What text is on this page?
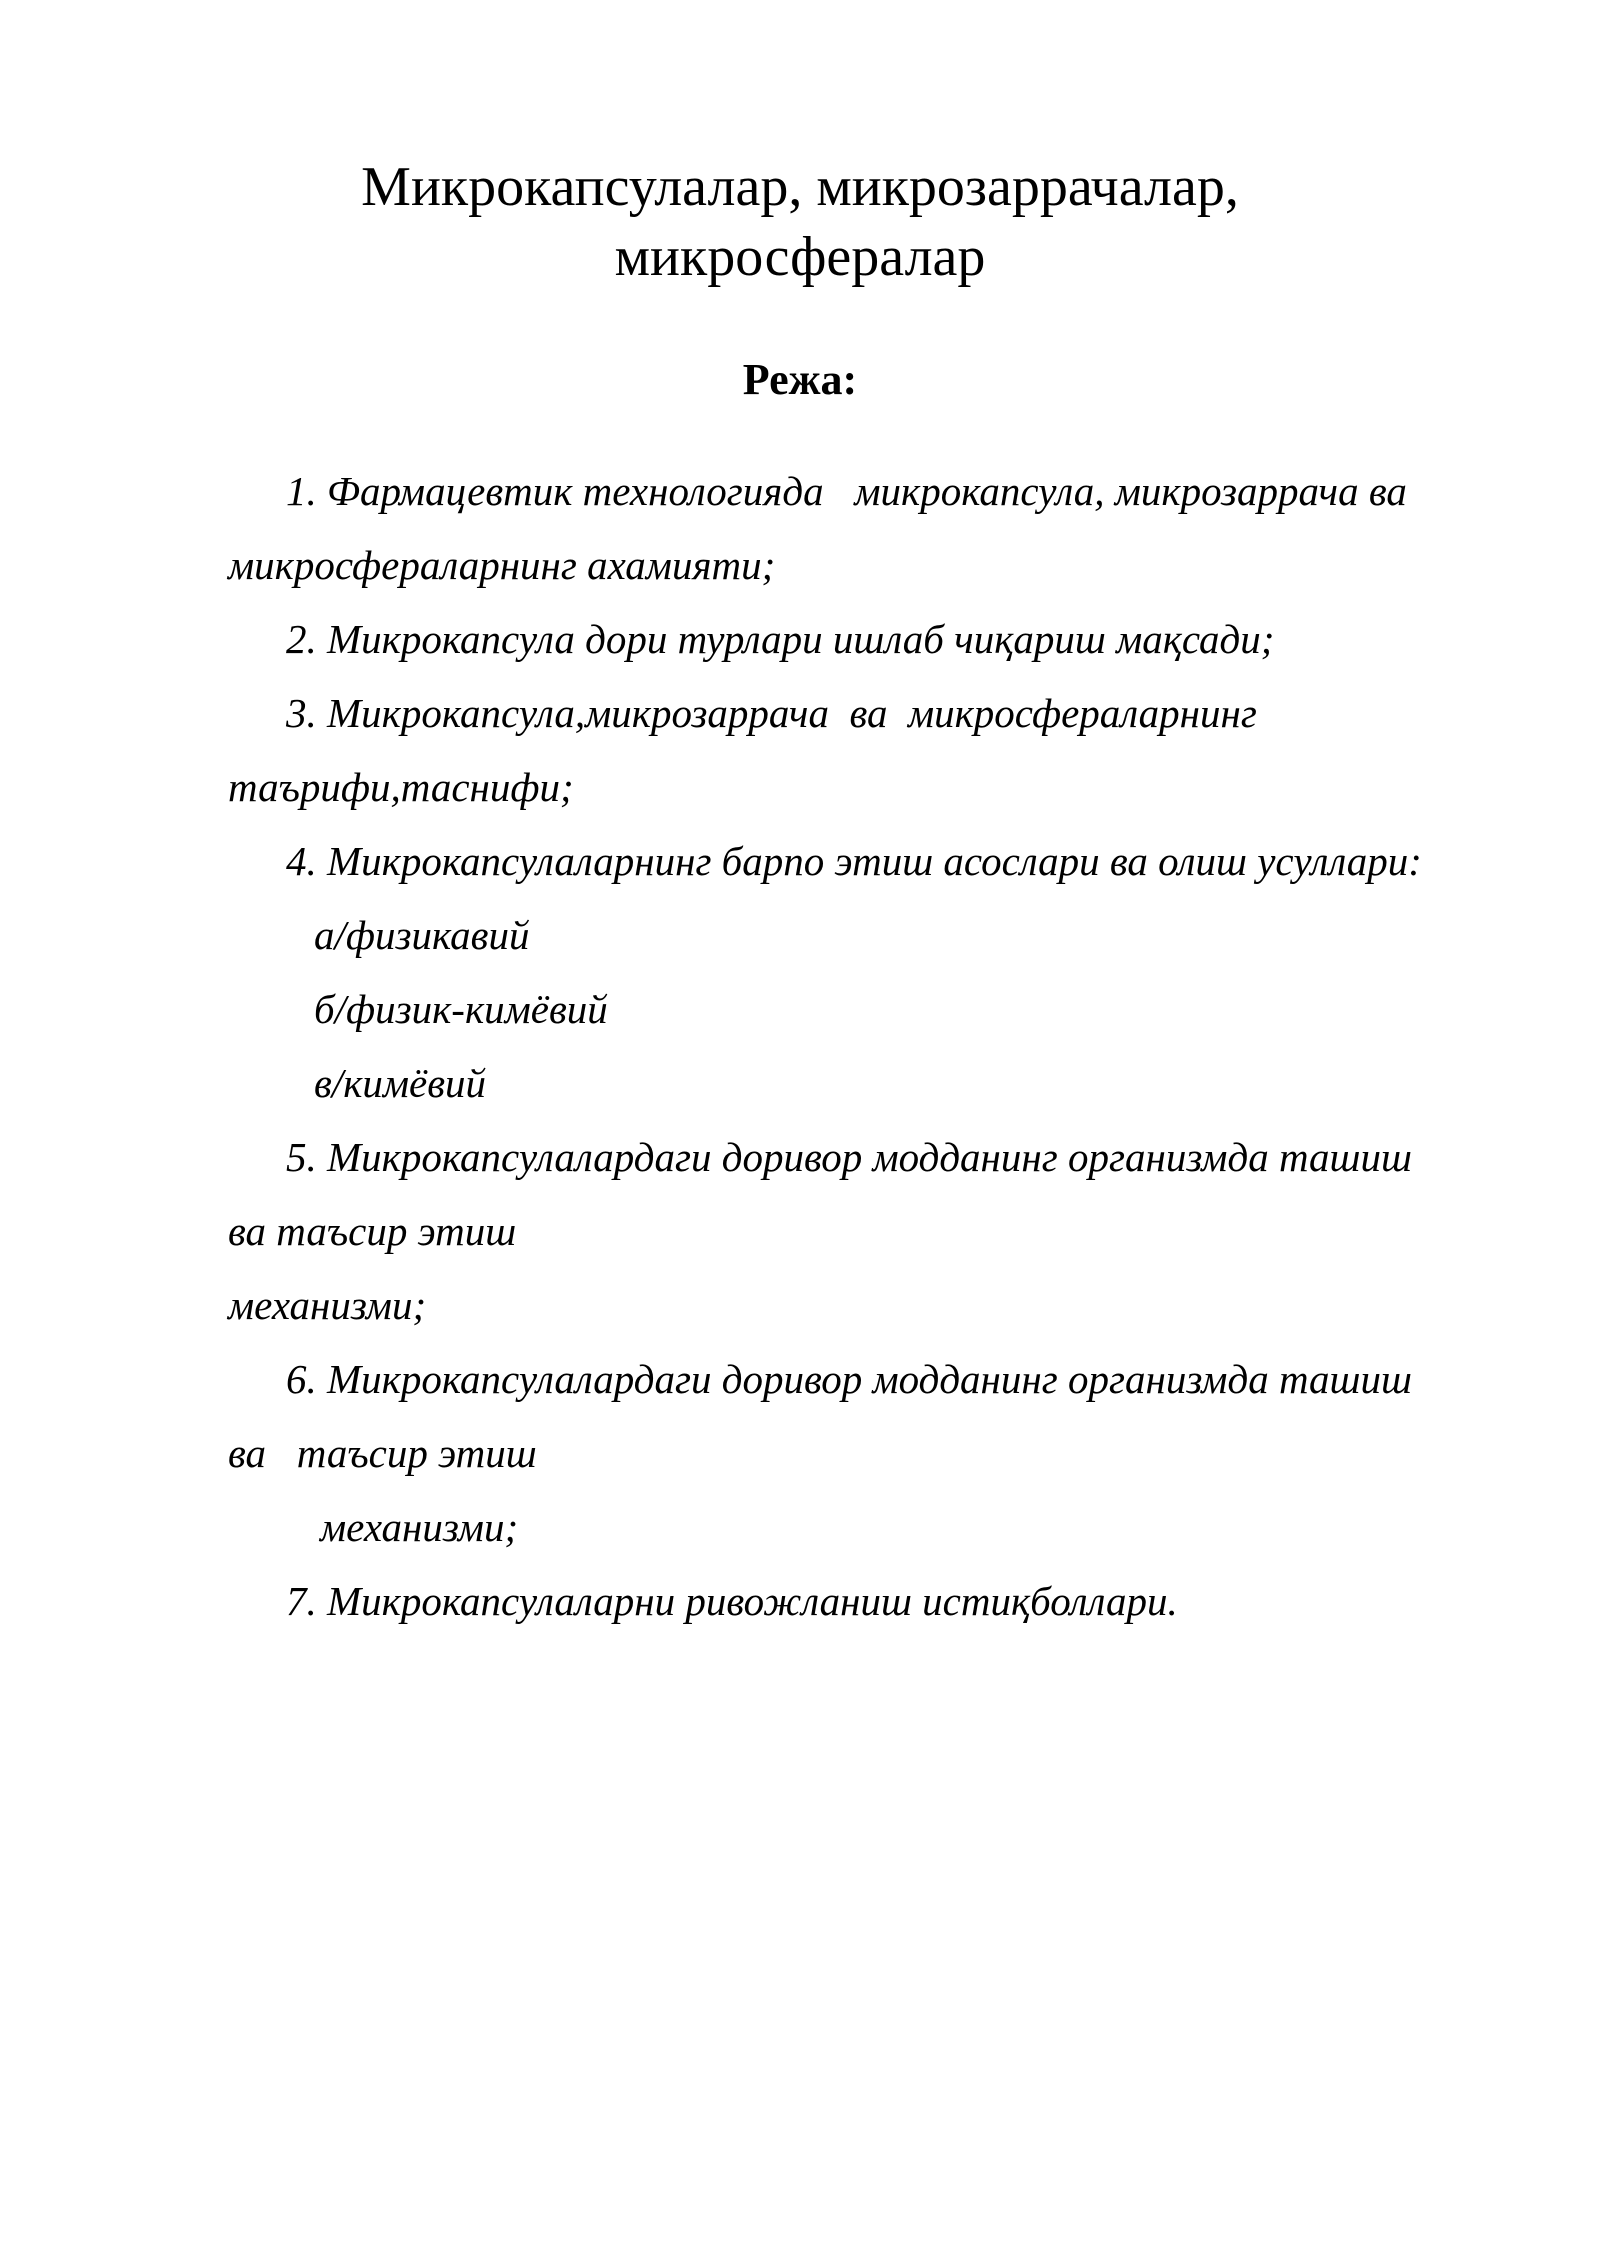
Микрокапсулалар, микрозаррачалар,
микросфералар
Режа:
1. Фармацевтик технологияда   микрокапсула, микрозаррача ва
микросфераларнинг ахамияти;
2. Микрокапсула дори турлари ишлаб чиқариш мақсади;
3. Микрокапсула,микрозаррача  ва  микросфераларнинг
таърифи,таснифи;
4. Микрокапсулаларнинг барпо этиш асослари ва олиш усуллари:
а/физикавий
б/физик-кимёвий
в/кимёвий
5. Микрокапсулалардаги доривор модданинг организмда ташиш
ва таъсир этиш
механизми;
6. Микрокапсулалардаги доривор модданинг организмда ташиш
ва   таъсир этиш
механизми;
7. Микрокапсулаларни ривожланиш истиқболлари.
